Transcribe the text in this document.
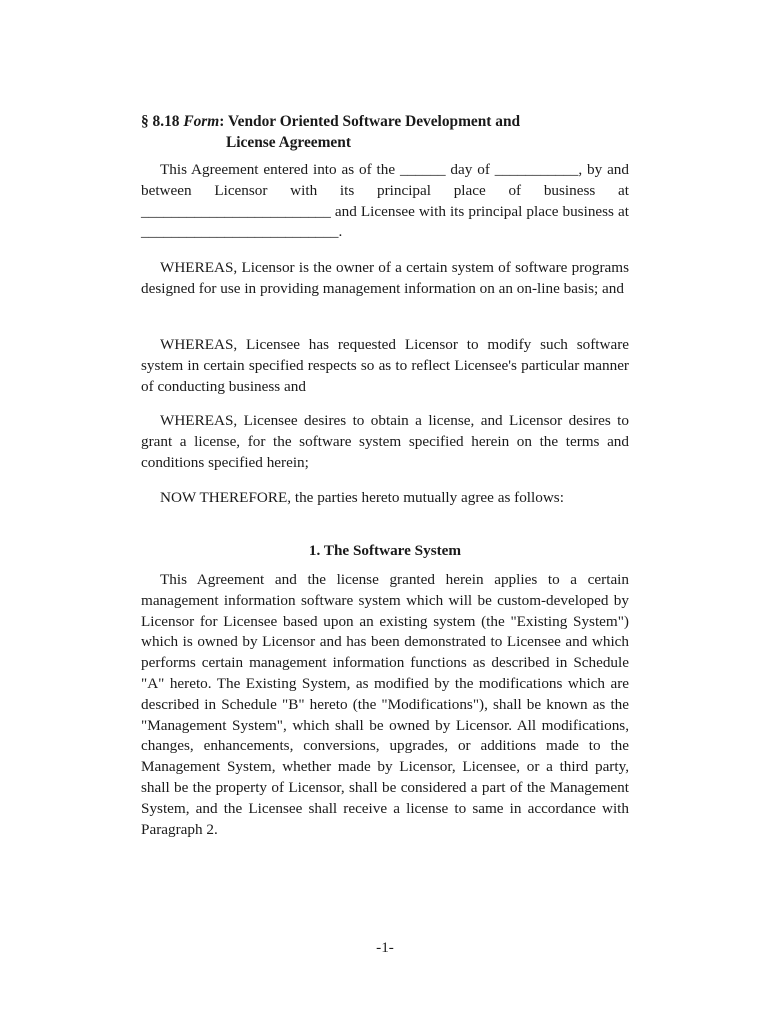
§ 8.18 Form: Vendor Oriented Software Development and
License Agreement

This Agreement entered into as of the ______ day of ___________, by and between Licensor with its principal place of business at _________________________ and Licensee with its principal place business at __________________________.

WHEREAS, Licensor is the owner of a certain system of software programs designed for use in providing management information on an on-line basis; and

WHEREAS, Licensee has requested Licensor to modify such software system in certain specified respects so as to reflect Licensee's particular manner of conducting business and

WHEREAS, Licensee desires to obtain a license, and Licensor desires to grant a license, for the software system specified herein on the terms and conditions specified herein;

NOW THEREFORE, the parties hereto mutually agree as follows:

1. The Software System

This Agreement and the license granted herein applies to a certain management information software system which will be custom-developed by Licensor for Licensee based upon an existing system (the "Existing System") which is owned by Licensor and has been demonstrated to Licensee and which performs certain management information functions as described in Schedule "A" hereto. The Existing System, as modified by the modifications which are described in Schedule "B" hereto (the "Modifications"), shall be known as the "Management System", which shall be owned by Licensor. All modifications, changes, enhancements, conversions, upgrades, or additions made to the Management System, whether made by Licensor, Licensee, or a third party, shall be the property of Licensor, shall be considered a part of the Management System, and the Licensee shall receive a license to same in accordance with Paragraph 2.

-1-
